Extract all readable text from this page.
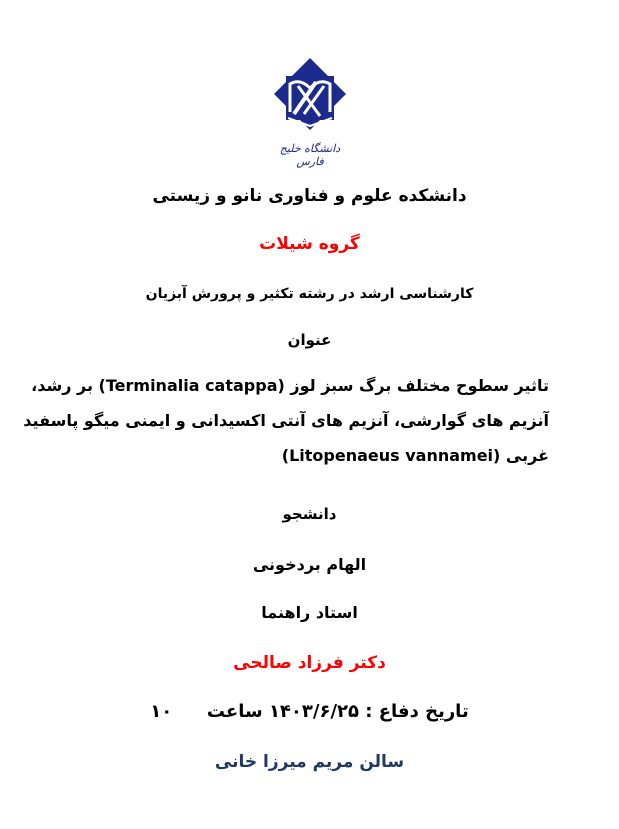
دانشگاه خلیج فارس
دانشکده علوم و فناوری نانو و زیستی
گروه شیلات
کارشناسی ارشد در رشته تکثیر و پرورش آبزیان
عنوان
تاثیر سطوح مختلف برگ سبز لوز (Terminalia catappa) بر رشد،
آنزیم های گوارشی، آنزیم های آنتی اکسیدانی و ایمنی میگو پاسفید
غربی (Litopenaeus vannamei)
دانشجو
الهام بردخونی
استاد راهنما
دکتر فرزاد صالحی
تاریخ دفاع : ۱۴۰۳/۶/۲۵ ساعت  ۱۰
سالن مریم میرزا خانی
